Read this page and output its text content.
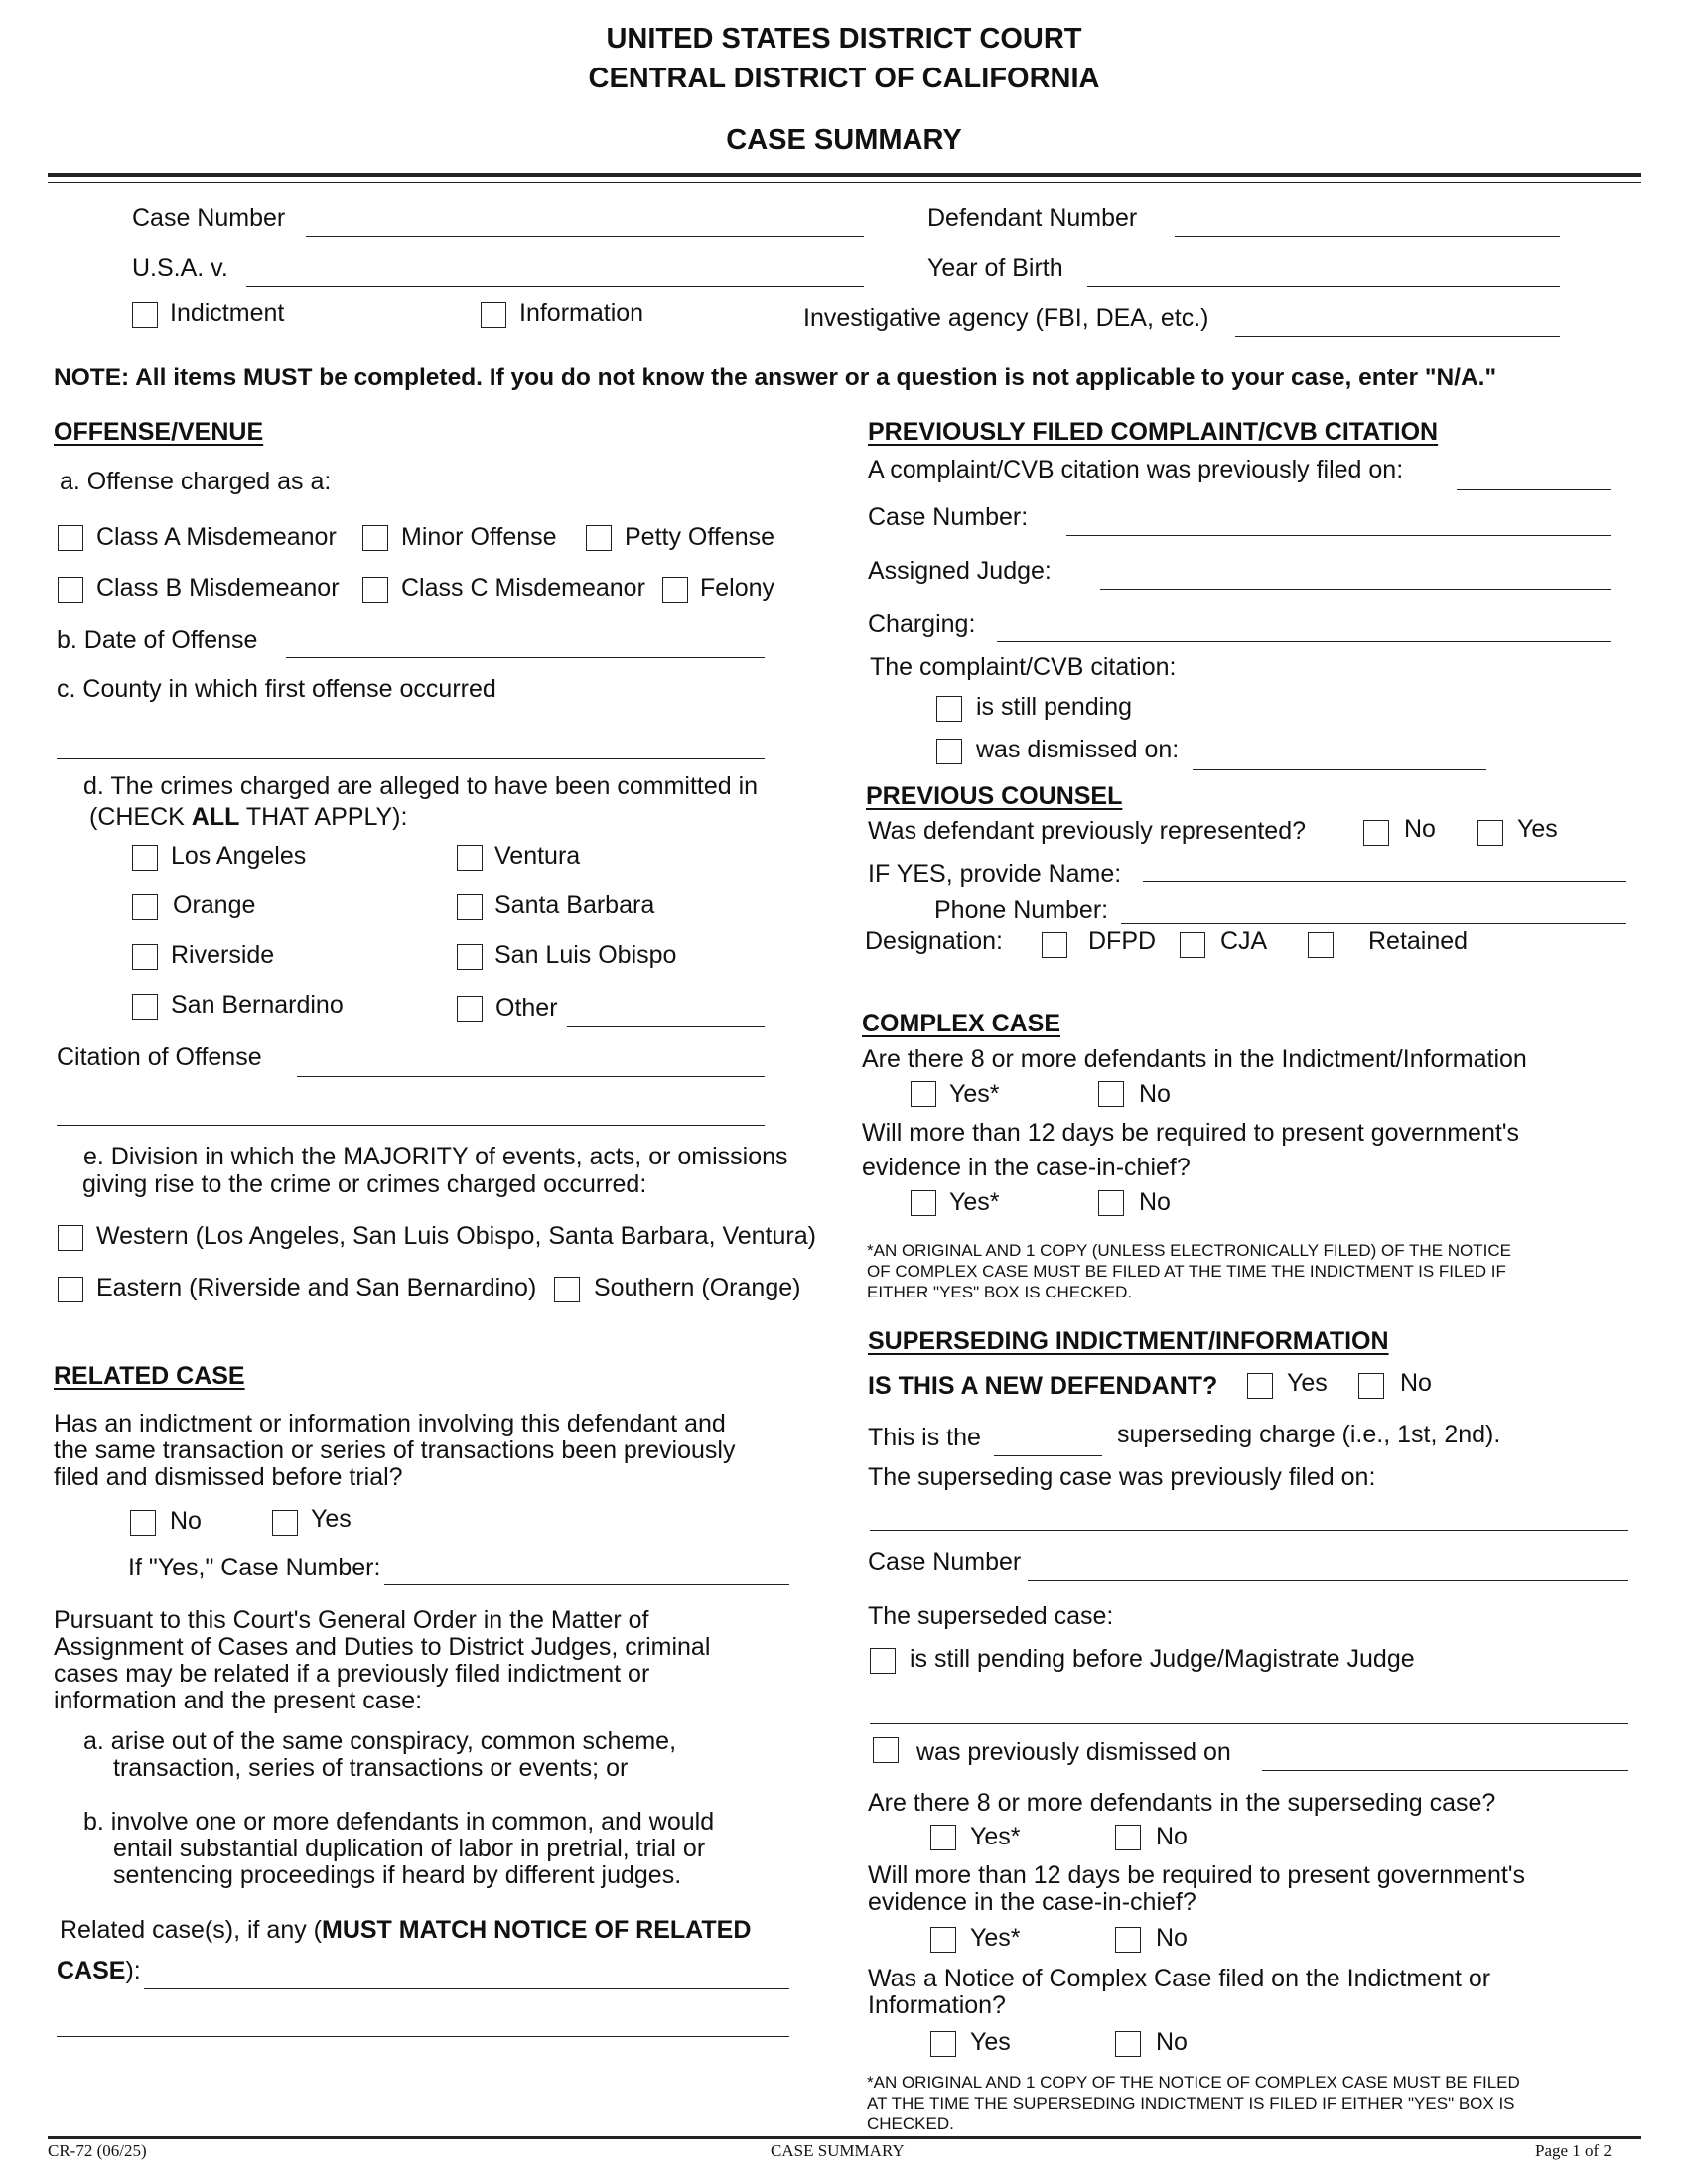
UNITED STATES DISTRICT COURT
CENTRAL DISTRICT OF CALIFORNIA
CASE SUMMARY
Case Number	Defendant Number
U.S.A. v.	Year of Birth
Indictment	Information	Investigative agency (FBI, DEA, etc.)
NOTE: All items MUST be completed. If you do not know the answer or a question is not applicable to your case, enter "N/A."
OFFENSE/VENUE
a. Offense charged as a:
Class A Misdemeanor	Minor Offense	Petty Offense
Class B Misdemeanor Class C Misdemeanor Felony
b. Date of Offense
c. County in which first offense occurred
d. The crimes charged are alleged to have been committed in
(CHECK ALL THAT APPLY):
Los Angeles	Ventura
Orange	Santa Barbara
Riverside	San Luis Obispo
San Bernardino	Other
Citation of Offense
e. Division in which the MAJORITY of events, acts, or omissions
giving rise to the crime or crimes charged occurred:
Western (Los Angeles, San Luis Obispo, Santa Barbara, Ventura)
Eastern (Riverside and San Bernardino) Southern (Orange)
RELATED CASE
Has an indictment or information involving this defendant and
the same transaction or series of transactions been previously
filed and dismissed before trial?
No	Yes
If "Yes," Case Number:
Pursuant to this Court's General Order in the Matter of
Assignment of Cases and Duties to District Judges, criminal
cases may be related if a previously filed indictment or
information and the present case:
a. arise out of the same conspiracy, common scheme,
transaction, series of transactions or events; or
b. involve one or more defendants in common, and would
entail substantial duplication of labor in pretrial, trial or
sentencing proceedings if heard by different judges.
Related case(s), if any (MUST MATCH NOTICE OF RELATED
CASE):
PREVIOUSLY FILED COMPLAINT/CVB CITATION
A complaint/CVB citation was previously filed on:
Case Number:
Assigned Judge:
Charging:
The complaint/CVB citation:
is still pending
was dismissed on:
PREVIOUS COUNSEL
Was defendant previously represented?	No	Yes
IF YES, provide Name:
Phone Number:
Designation:	DFPD	CJA	Retained
COMPLEX CASE
Are there 8 or more defendants in the Indictment/Information
Yes*	No
Will more than 12 days be required to present government's
evidence in the case-in-chief?
Yes*	No
*AN ORIGINAL AND 1 COPY (UNLESS ELECTRONICALLY FILED) OF THE NOTICE
OF COMPLEX CASE MUST BE FILED AT THE TIME THE INDICTMENT IS FILED IF
EITHER "YES" BOX IS CHECKED.
SUPERSEDING INDICTMENT/INFORMATION
IS THIS A NEW DEFENDANT?	Yes	No
This is the	superseding charge (i.e., 1st, 2nd).
The superseding case was previously filed on:
Case Number
The superseded case:
is still pending before Judge/Magistrate Judge
was previously dismissed on
Are there 8 or more defendants in the superseding case?
Yes*	No
Will more than 12 days be required to present government's
evidence in the case-in-chief?
Yes*	No
Was a Notice of Complex Case filed on the Indictment or
Information?
Yes	No
*AN ORIGINAL AND 1 COPY OF THE NOTICE OF COMPLEX CASE MUST BE FILED
AT THE TIME THE SUPERSEDING INDICTMENT IS FILED IF EITHER "YES" BOX IS
CHECKED.
CR-72 (06/25)	CASE SUMMARY	Page 1 of 2
